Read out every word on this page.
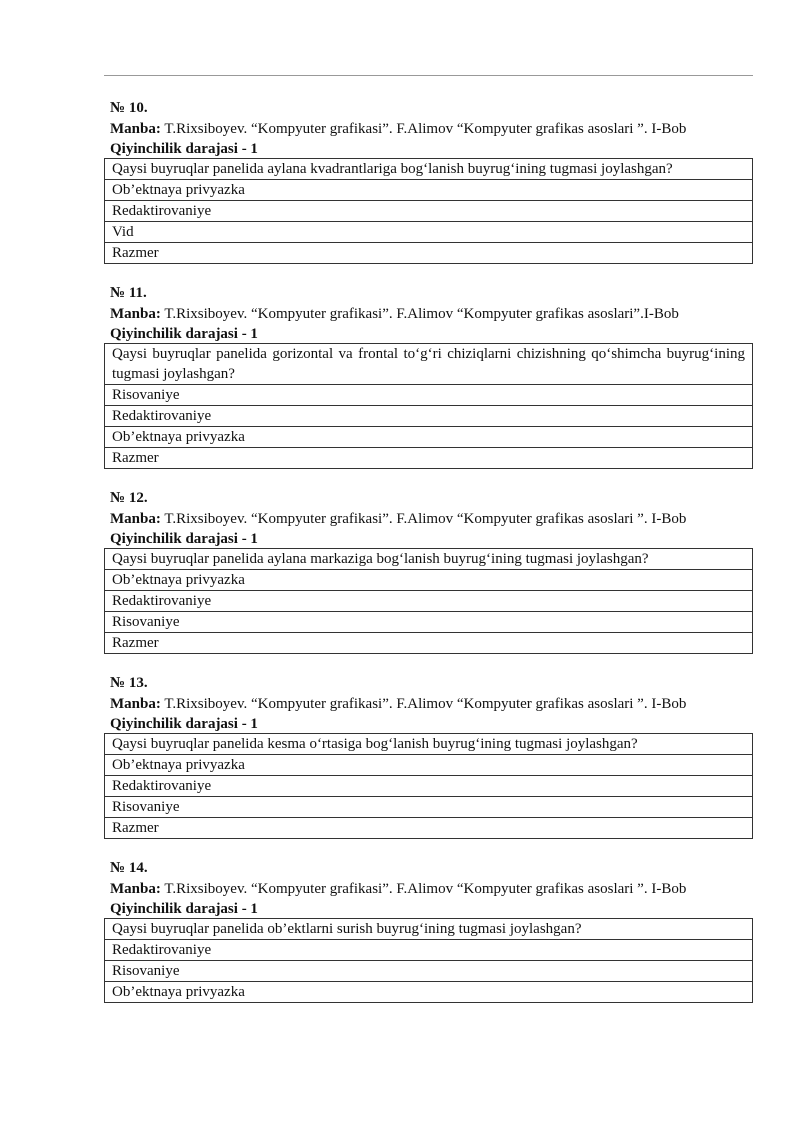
№ 10.
Manba: T.Rixsiboyev. “Kompyuter grafikasi”. F.Alimov “Kompyuter grafikas asoslari ”. I-Bob
Qiyinchilik darajasi - 1
Qaysi buyruqlar panelida aylana kvadrantlariga bog‘lanish buyrug‘ining tugmasi joylashgan?
Ob’ektnaya privyazka
Redaktirovaniye
Vid
Razmer
№ 11.
Manba: T.Rixsiboyev. “Kompyuter grafikasi”. F.Alimov “Kompyuter grafikas asoslari”.I-Bob
Qiyinchilik darajasi - 1
Qaysi buyruqlar panelida gorizontal va frontal to‘g‘ri chiziqlarni chizishning qo‘shimcha buyrug‘ining tugmasi joylashgan?
Risovaniye
Redaktirovaniye
Ob’ektnaya privyazka
Razmer
№ 12.
Manba: T.Rixsiboyev. “Kompyuter grafikasi”. F.Alimov “Kompyuter grafikas asoslari ”. I-Bob
Qiyinchilik darajasi - 1
Qaysi buyruqlar panelida aylana markaziga bog‘lanish buyrug‘ining tugmasi joylashgan?
Ob’ektnaya privyazka
Redaktirovaniye
Risovaniye
Razmer
№ 13.
Manba: T.Rixsiboyev. “Kompyuter grafikasi”. F.Alimov “Kompyuter grafikas asoslari ”. I-Bob
Qiyinchilik darajasi - 1
Qaysi buyruqlar panelida kesma o‘rtasiga bog‘lanish buyrug‘ining tugmasi joylashgan?
Ob’ektnaya privyazka
Redaktirovaniye
Risovaniye
Razmer
№ 14.
Manba: T.Rixsiboyev. “Kompyuter grafikasi”. F.Alimov “Kompyuter grafikas asoslari ”. I-Bob
Qiyinchilik darajasi - 1
Qaysi buyruqlar panelida ob’ektlarni surish buyrug‘ining tugmasi joylashgan?
Redaktirovaniye
Risovaniye
Ob’ektnaya privyazka
